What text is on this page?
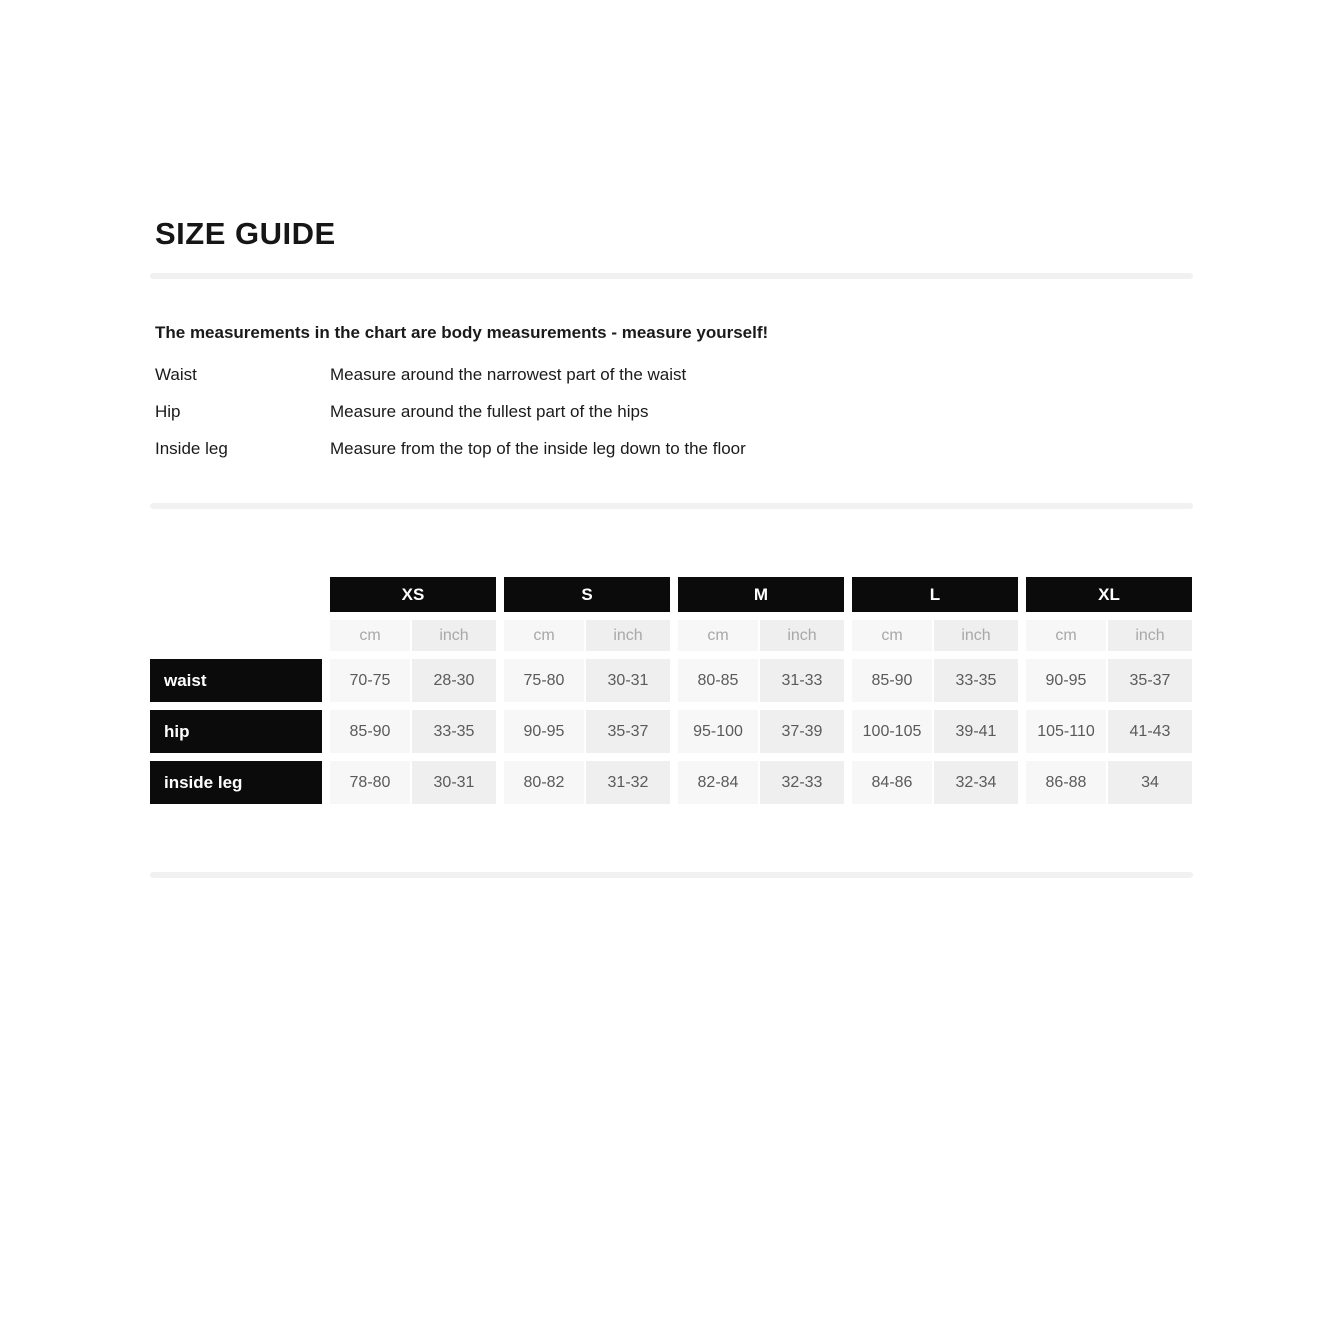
SIZE GUIDE

The measurements in the chart are body measurements - measure yourself!

Waist	Measure around the narrowest part of the waist
Hip	Measure around the fullest part of the hips
Inside leg	Measure from the top of the inside leg down to the floor
XS	S	M	L	XL
cm	inch	cm	inch	cm	inch	cm	inch	cm	inch
waist	70-75	28-30	75-80	30-31	80-85	31-33	85-90	33-35	90-95	35-37
hip	85-90	33-35	90-95	35-37	95-100	37-39	100-105	39-41	105-110	41-43
inside leg	78-80	30-31	80-82	31-32	82-84	32-33	84-86	32-34	86-88	34
